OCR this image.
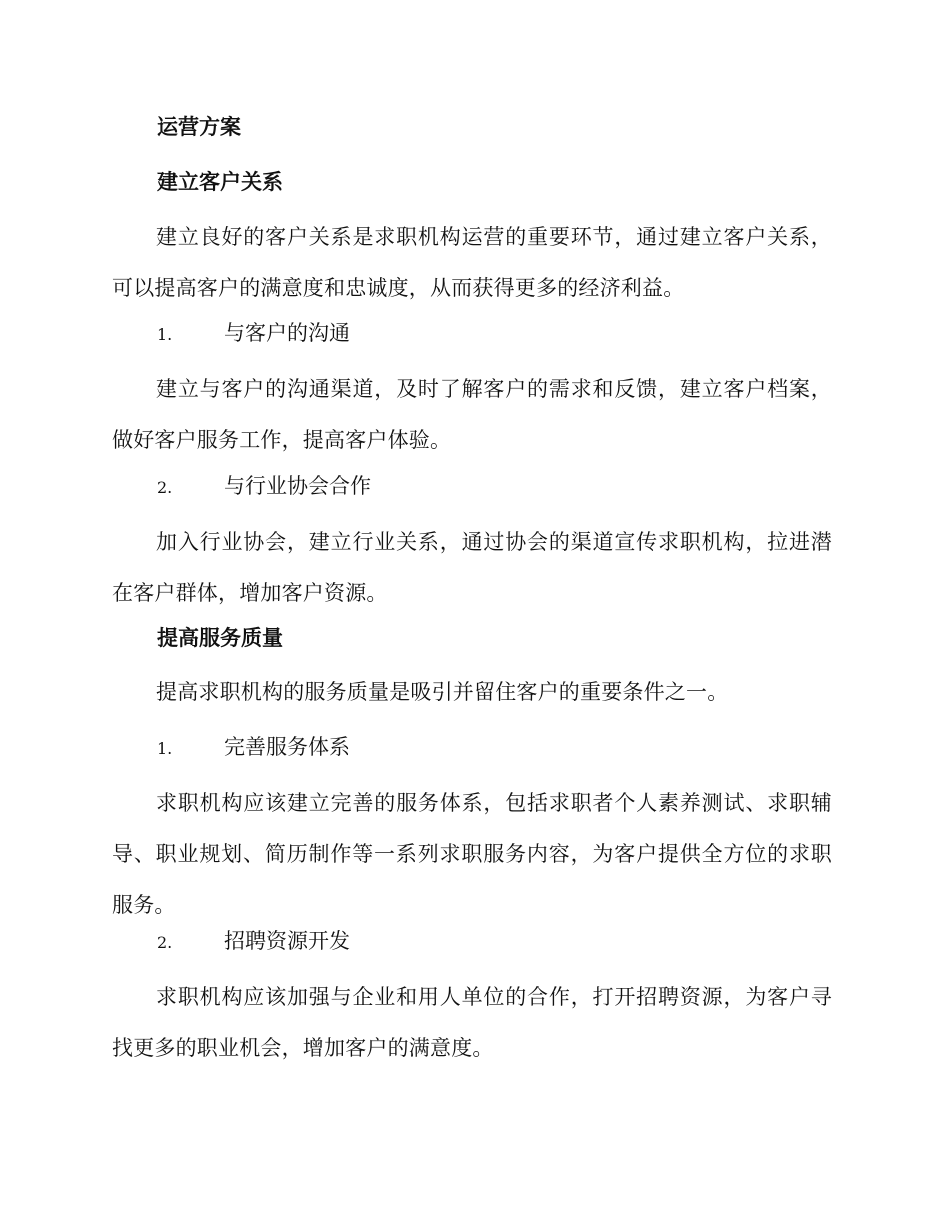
运营方案
建立客户关系
建立良好的客户关系是求职机构运营的重要环节，通过建立客户关系，可以提高客户的满意度和忠诚度，从而获得更多的经济利益。
1. 与客户的沟通
建立与客户的沟通渠道，及时了解客户的需求和反馈，建立客户档案，做好客户服务工作，提高客户体验。
2. 与行业协会合作
加入行业协会，建立行业关系，通过协会的渠道宣传求职机构，拉进潜在客户群体，增加客户资源。
提高服务质量
提高求职机构的服务质量是吸引并留住客户的重要条件之一。
1. 完善服务体系
求职机构应该建立完善的服务体系，包括求职者个人素养测试、求职辅导、职业规划、简历制作等一系列求职服务内容，为客户提供全方位的求职服务。
2. 招聘资源开发
求职机构应该加强与企业和用人单位的合作，打开招聘资源，为客户寻找更多的职业机会，增加客户的满意度。
